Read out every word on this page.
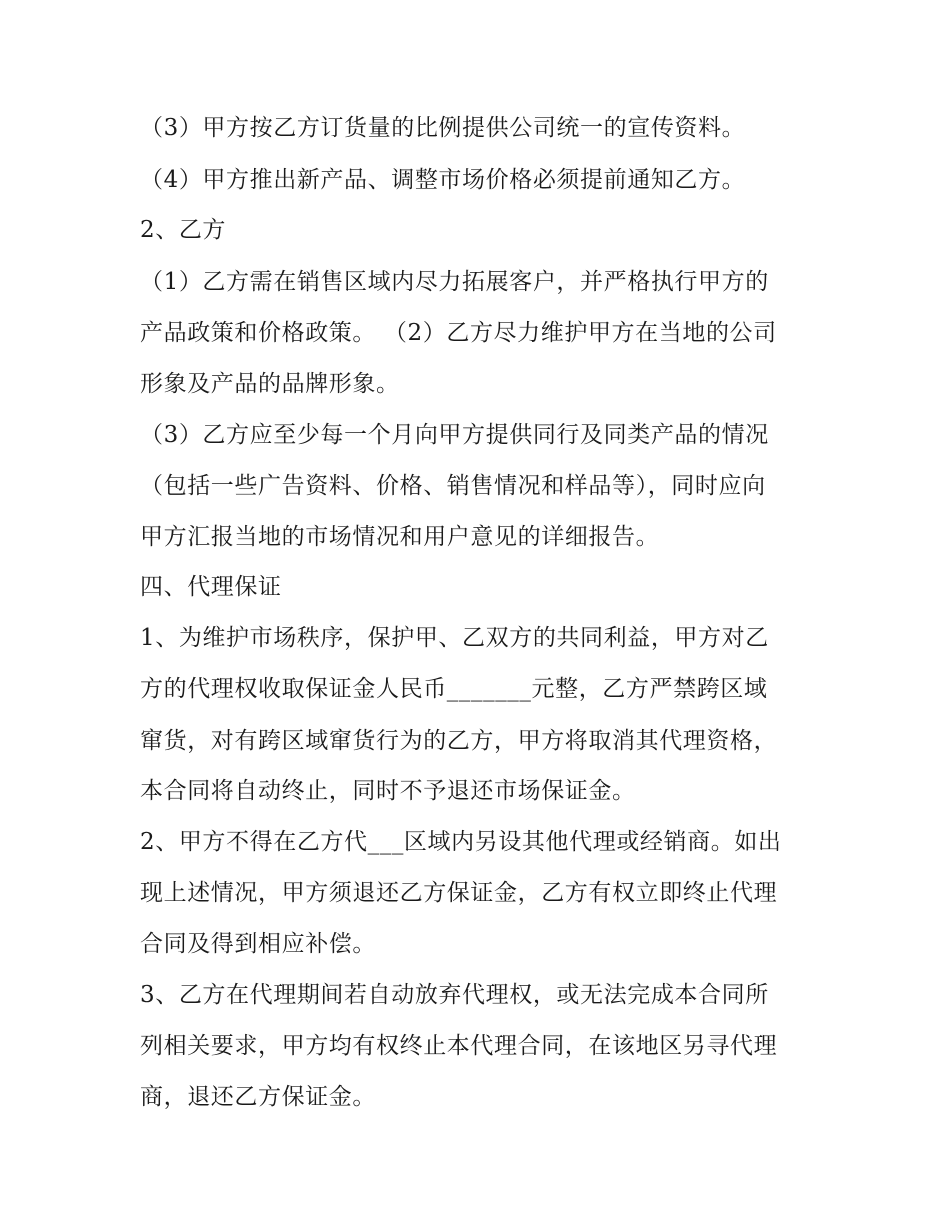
（3）甲方按乙方订货量的比例提供公司统一的宣传资料。
（4）甲方推出新产品、调整市场价格必须提前通知乙方。
2、乙方
（1）乙方需在销售区域内尽力拓展客户，并严格执行甲方的
产品政策和价格政策。 （2）乙方尽力维护甲方在当地的公司
形象及产品的品牌形象。
（3）乙方应至少每一个月向甲方提供同行及同类产品的情况
（包括一些广告资料、价格、销售情况和样品等），同时应向
甲方汇报当地的市场情况和用户意见的详细报告。
四、代理保证
1、为维护市场秩序，保护甲、乙双方的共同利益，甲方对乙
方的代理权收取保证金人民币_______元整，乙方严禁跨区域
窜货，对有跨区域窜货行为的乙方，甲方将取消其代理资格，
本合同将自动终止，同时不予退还市场保证金。
2、甲方不得在乙方代___区域内另设其他代理或经销商。如出
现上述情况，甲方须退还乙方保证金，乙方有权立即终止代理
合同及得到相应补偿。
3、乙方在代理期间若自动放弃代理权，或无法完成本合同所
列相关要求，甲方均有权终止本代理合同，在该地区另寻代理
商，退还乙方保证金。
